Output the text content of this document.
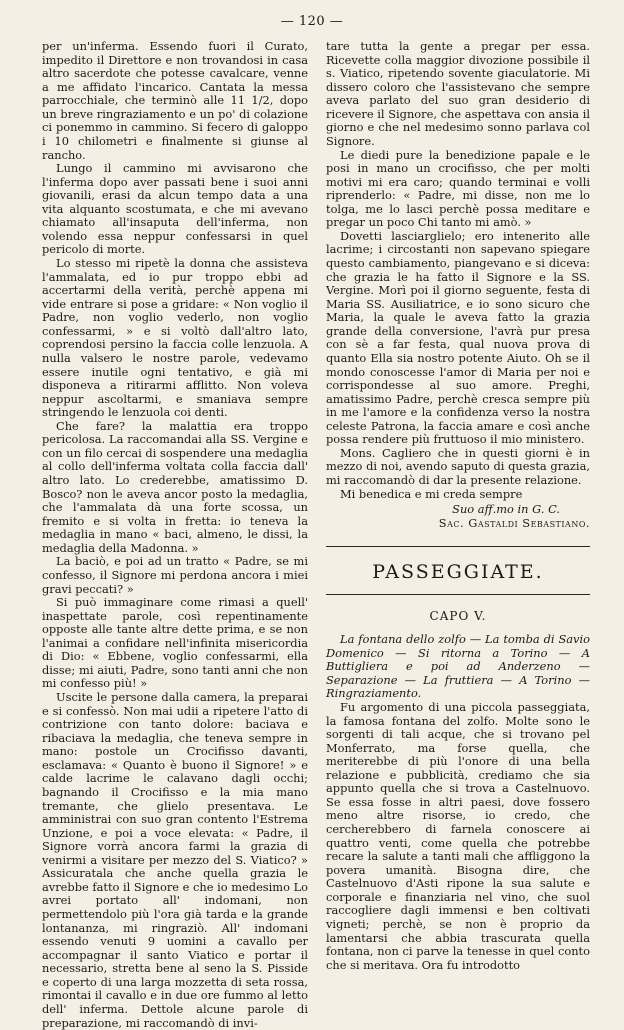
— 120 —

per un'inferma. Essendo fuori il Curato, impedito il Direttore e non trovandosi in casa altro sacerdote che potesse cavalcare, venne a me affidato l'incarico. Cantata la messa parrocchiale, che terminò alle 11 1/2, dopo un breve ringraziamento e un po' di colazione ci ponemmo in cammino. Si fecero di galoppo i 10 chilometri e finalmente si giunse al rancho.

Lungo il cammino mi avvisarono che l'inferma dopo aver passati bene i suoi anni giovanili, erasi da alcun tempo data a una vita alquanto scostumata, e che mi avevano chiamato all'insaputa dell'inferma, non volendo essa neppur confessarsi in quel pericolo di morte.

Lo stesso mi ripetè la donna che assisteva l'ammalata, ed io pur troppo ebbi ad accertarmi della verità, perchè appena mi vide entrare si pose a gridare: « Non voglio il Padre, non voglio vederlo, non voglio confessarmi, » e si voltò dall'altro lato, coprendosi persino la faccia colle lenzuola. A nulla valsero le nostre parole, vedevamo essere inutile ogni tentativo, e già mi disponeva a ritirarmi afflitto. Non voleva neppur ascoltarmi, e smaniava sempre stringendo le lenzuola coi denti.

Che fare? la malattia era troppo pericolosa. La raccomandai alla SS. Vergine e con un filo cercai di sospendere una medaglia al collo dell'inferma voltata colla faccia dall' altro lato. Lo crederebbe, amatissimo D. Bosco? non le aveva ancor posto la medaglia, che l'ammalata dà una forte scossa, un fremito e si volta in fretta: io teneva la medaglia in mano « baci, almeno, le dissi, la medaglia della Madonna. »

La baciò, e poi ad un tratto « Padre, se mi confesso, il Signore mi perdona ancora i miei gravi peccati? »

Si può immaginare come rimasi a quell' inaspettate parole, così repentinamente opposte alle tante altre dette prima, e se non l'animai a confidare nell'infinita misericordia di Dio: « Ebbene, voglio confessarmi, ella disse; mi aiuti, Padre, sono tanti anni che non mi confesso più! »

Uscite le persone dalla camera, la preparai e si confessò. Non mai udii a ripetere l'atto di contrizione con tanto dolore: baciava e ribaciava la medaglia, che teneva sempre in mano: postole un Crocifisso davanti, esclamava: « Quanto è buono il Signore! » e calde lacrime le calavano dagli occhi; bagnando il Crocifisso e la mia mano tremante, che glielo presentava. Le amministrai con suo gran contento l'Estrema Unzione, e poi a voce elevata: « Padre, il Signore vorrà ancora farmi la grazia di venirmi a visitare per mezzo del S. Viatico? » Assicuratala che anche quella grazia le avrebbe fatto il Signore e che io medesimo Lo avrei portato all' indomani, non permettendolo più l'ora già tarda e la grande lontananza, mi ringraziò. All' indomani essendo venuti 9 uomini a cavallo per accompagnar il santo Viatico e portar il necessario, stretta bene al seno la S. Pisside e coperto di una larga mozzetta di seta rossa, rimontai il cavallo e in due ore fummo al letto dell' inferma. Dettole alcune parole di preparazione, mi raccomandò di invi-

tare tutta la gente a pregar per essa. Ricevette colla maggior divozione possibile il s. Viatico, ripetendo sovente giaculatorie. Mi dissero coloro che l'assistevano che sempre aveva parlato del suo gran desiderio di ricevere il Signore, che aspettava con ansia il giorno e che nel medesimo sonno parlava col Signore.

Le diedi pure la benedizione papale e le posi in mano un crocifisso, che per molti motivi mi era caro; quando terminai e volli riprenderlo: « Padre, mi disse, non me lo tolga, me lo lasci perchè possa meditare e pregar un poco Chi tanto mi amò. »

Dovetti lasciarglielo; ero intenerito alle lacrime; i circostanti non sapevano spiegare questo cambiamento, piangevano e si diceva: che grazia le ha fatto il Signore e la SS. Vergine. Morì poi il giorno seguente, festa di Maria SS. Ausiliatrice, e io sono sicuro che Maria, la quale le aveva fatto la grazia grande della conversione, l'avrà pur presa con sè a far festa, qual nuova prova di quanto Ella sia nostro potente Aiuto. Oh se il mondo conoscesse l'amor di Maria per noi e corrispondesse al suo amore. Preghi, amatissimo Padre, perchè cresca sempre più in me l'amore e la confidenza verso la nostra celeste Patrona, la faccia amare e così anche possa rendere più fruttuoso il mio ministero.

Mons. Cagliero che in questi giorni è in mezzo di noi, avendo saputo di questa grazia, mi raccomandò di dar la presente relazione.

Mi benedica e mi creda sempre

Suo aff.mo in G. C.
Sac. Gastaldi Sebastiano.
PASSEGGIATE.
CAPO V.

La fontana dello zolfo — La tomba di Savio Domenico — Si ritorna a Torino — A Buttigliera e poi ad Anderzeno — Separazione — La fruttiera — A Torino — Ringraziamento.

Fu argomento di una piccola passeggiata, la famosa fontana del zolfo. Molte sono le sorgenti di tali acque, che si trovano pel Monferrato, ma forse quella, che meriterebbe di più l'onore di una bella relazione e pubblicità, crediamo che sia appunto quella che si trova a Castelnuovo. Se essa fosse in altri paesi, dove fossero meno altre risorse, io credo, che cercherebbero di farnela conoscere ai quattro venti, come quella che potrebbe recare la salute a tanti mali che affliggono la povera umanità. Bisogna dire, che Castelnuovo d'Asti ripone la sua salute e corporale e finanziaria nel vino, che suol raccogliere dagli immensi e ben coltivati vigneti; perchè, se non è proprio da lamentarsi che abbia trascurata quella fontana, non ci parve la tenesse in quel conto che si meritava. Ora fu introdotto
